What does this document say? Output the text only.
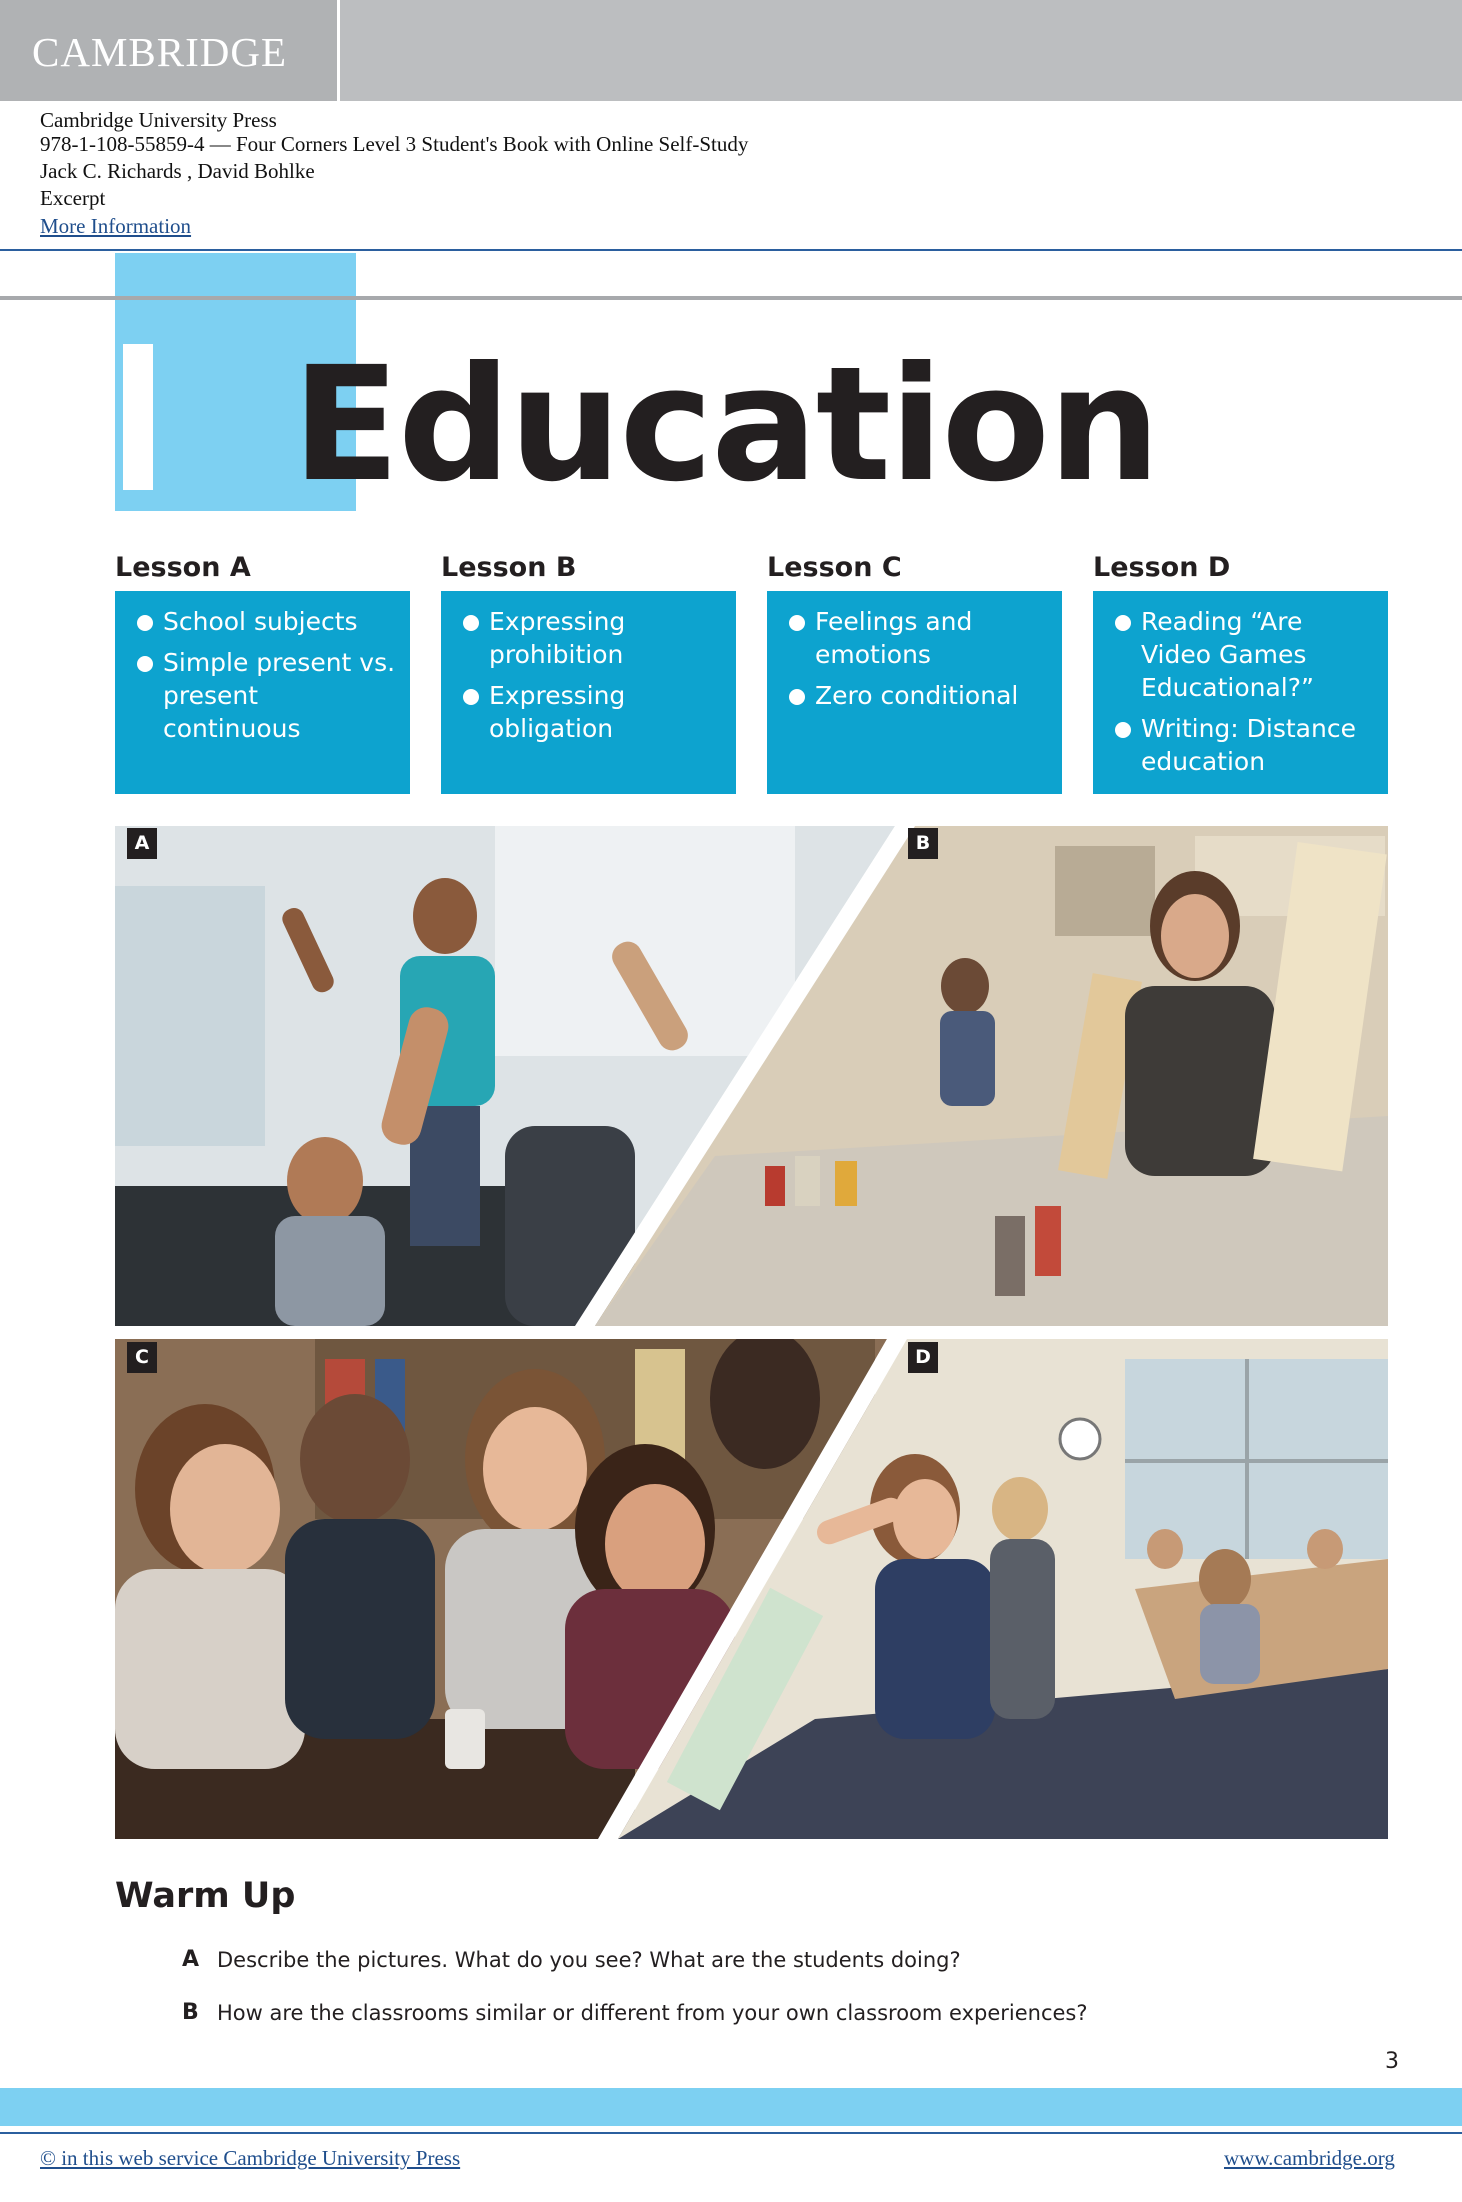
CAMBRIDGE
Cambridge University Press
978-1-108-55859-4 — Four Corners Level 3 Student's Book with Online Self-Study
Jack C. Richards , David Bohlke
Excerpt
More Information
Education
Lesson A	Lesson B	Lesson C	Lesson D
School subjects
Simple present vs. present continuous
Expressing prohibition
Expressing obligation
Feelings and emotions
Zero conditional
Reading “Are Video Games Educational?”
Writing: Distance education
A	B
C	D
Warm Up
A Describe the pictures. What do you see? What are the students doing?
B How are the classrooms similar or different from your own classroom experiences?
3
© in this web service Cambridge University Press	www.cambridge.org
